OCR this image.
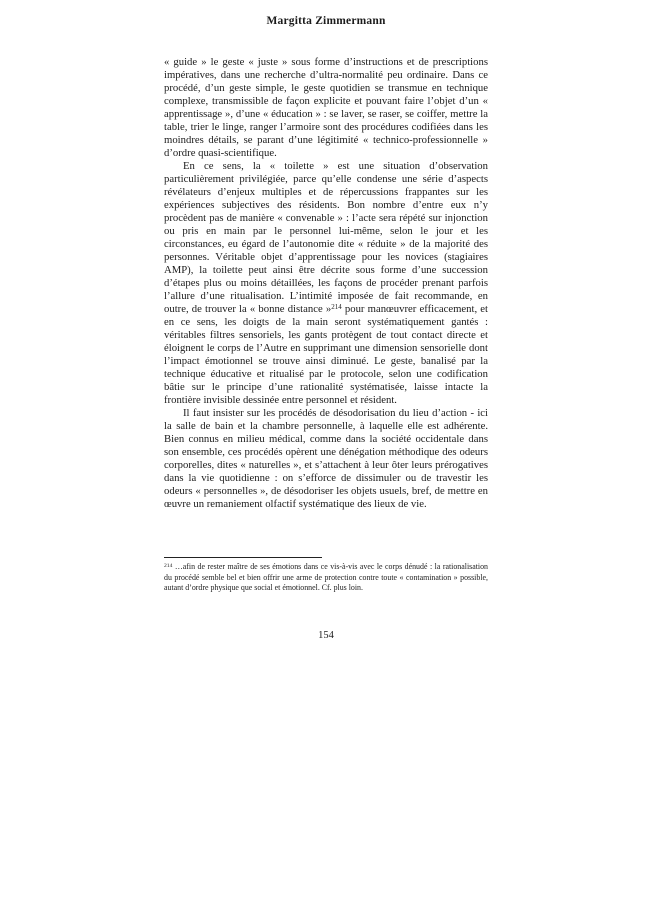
Margitta Zimmermann

« guide » le geste « juste » sous forme d’instructions et de prescriptions impératives, dans une recherche d’ultra-normalité peu ordinaire. Dans ce procédé, d’un geste simple, le geste quotidien se transmue en technique complexe, transmissible de façon explicite et pouvant faire l’objet d’un « apprentissage », d’une « éducation » : se laver, se raser, se coiffer, mettre la table, trier le linge, ranger l’armoire sont des procédures codifiées dans les moindres détails, se parant d’une légitimité « technico-professionnelle » d’ordre quasi-scientifique.

En ce sens, la « toilette » est une situation d’observation particulièrement privilégiée, parce qu’elle condense une série d’aspects révélateurs d’enjeux multiples et de répercussions frappantes sur les expériences subjectives des résidents. Bon nombre d’entre eux n’y procèdent pas de manière « convenable » : l’acte sera répété sur injonction ou pris en main par le personnel lui-même, selon le jour et les circonstances, eu égard de l’autonomie dite « réduite » de la majorité des personnes. Véritable objet d’apprentissage pour les novices (stagiaires AMP), la toilette peut ainsi être décrite sous forme d’une succession d’étapes plus ou moins détaillées, les façons de procéder prenant parfois l’allure d’une ritualisation. L’intimité imposée de fait recommande, en outre, de trouver la « bonne distance »$^{214}$ pour manœuvrer efficacement, et en ce sens, les doigts de la main seront systématiquement gantés : véritables filtres sensoriels, les gants protègent de tout contact directe et éloignent le corps de l’Autre en supprimant une dimension sensorielle dont l’impact émotionnel se trouve ainsi diminué. Le geste, banalisé par la technique éducative et ritualisé par le protocole, selon une codification bâtie sur le principe d’une rationalité systématisée, laisse intacte la frontière invisible dessinée entre personnel et résident.

Il faut insister sur les procédés de désodorisation du lieu d’action - ici la salle de bain et la chambre personnelle, à laquelle elle est adhérente. Bien connus en milieu médical, comme dans la société occidentale dans son ensemble, ces procédés opèrent une dénégation méthodique des odeurs corporelles, dites « naturelles », et s’attachent à leur ôter leurs prérogatives dans la vie quotidienne : on s’efforce de dissimuler ou de travestir les odeurs « personnelles », de désodoriser les objets usuels, bref, de mettre en œuvre un remaniement olfactif systématique des lieux de vie.

$^{214}$ …afin de rester maître de ses émotions dans ce vis-à-vis avec le corps dénudé : la rationalisation du procédé semble bel et bien offrir une arme de protection contre toute « contamination » possible, autant d’ordre physique que social et émotionnel. Cf. plus loin.

154
